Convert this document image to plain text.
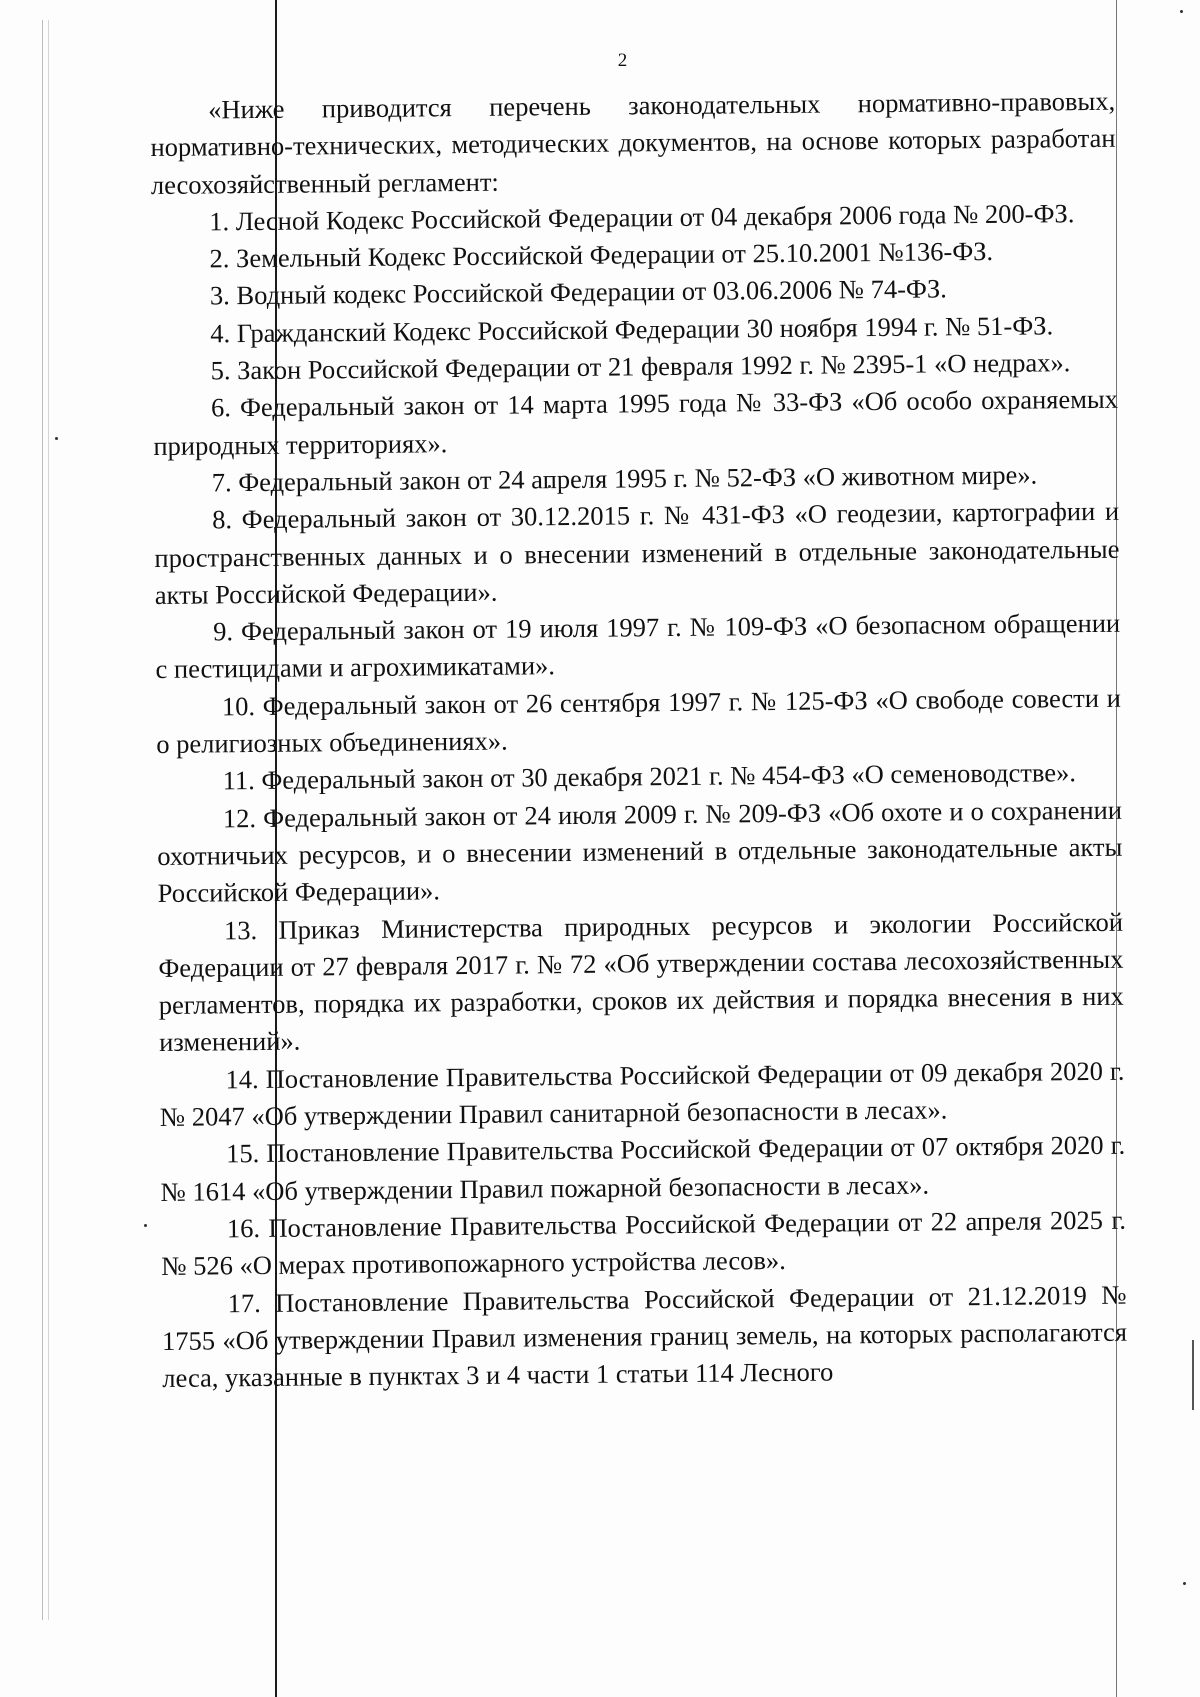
2

«Ниже приводится перечень законодательных нормативно-правовых, нормативно-технических, методических документов, на основе которых разработан лесохозяйственный регламент:

1. Лесной Кодекс Российской Федерации от 04 декабря 2006 года № 200-ФЗ.

2. Земельный Кодекс Российской Федерации от 25.10.2001 №136-ФЗ.

3. Водный кодекс Российской Федерации от 03.06.2006 № 74-ФЗ.

4. Гражданский Кодекс Российской Федерации 30 ноября 1994 г. № 51-ФЗ.

5. Закон Российской Федерации от 21 февраля 1992 г. № 2395-1 «О недрах».

6. Федеральный закон от 14 марта 1995 года № 33-ФЗ «Об особо охраняемых природных территориях».

7. Федеральный закон от 24 апреля 1995 г. № 52-ФЗ «О животном мире».

8. Федеральный закон от 30.12.2015 г. № 431-ФЗ «О геодезии, картографии и пространственных данных и о внесении изменений в отдельные законодательные акты Российской Федерации».

9. Федеральный закон от 19 июля 1997 г. № 109-ФЗ «О безопасном обращении с пестицидами и агрохимикатами».

10. Федеральный закон от 26 сентября 1997 г. № 125-ФЗ «О свободе совести и о религиозных объединениях».

11. Федеральный закон от 30 декабря 2021 г. № 454-ФЗ «О семеноводстве».

12. Федеральный закон от 24 июля 2009 г. № 209-ФЗ «Об охоте и о сохранении охотничьих ресурсов, и о внесении изменений в отдельные законодательные акты Российской Федерации».

13. Приказ Министерства природных ресурсов и экологии Российской Федерации от 27 февраля 2017 г. № 72 «Об утверждении состава лесохозяйственных регламентов, порядка их разработки, сроков их действия и порядка внесения в них изменений».

14. Постановление Правительства Российской Федерации от 09 декабря 2020 г. № 2047 «Об утверждении Правил санитарной безопасности в лесах».

15. Постановление Правительства Российской Федерации от 07 октября 2020 г. № 1614 «Об утверждении Правил пожарной безопасности в лесах».

16. Постановление Правительства Российской Федерации от 22 апреля 2025 г. № 526 «О мерах противопожарного устройства лесов».

17. Постановление Правительства Российской Федерации от 21.12.2019 № 1755 «Об утверждении Правил изменения границ земель, на которых располагаются леса, указанные в пунктах 3 и 4 части 1 статьи 114 Лесного
